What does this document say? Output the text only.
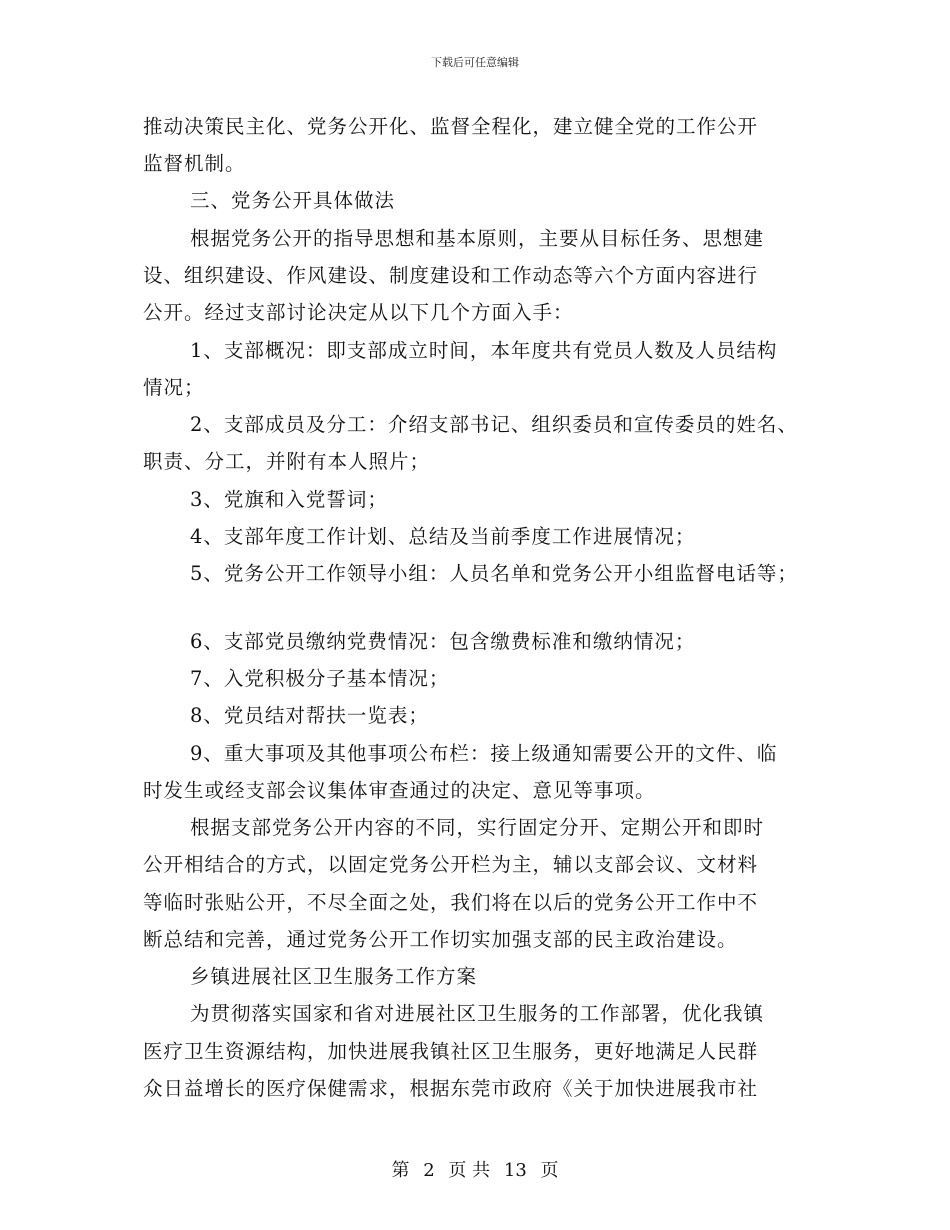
下载后可任意编辑
推动决策民主化、党务公开化、监督全程化，建立健全党的工作公开
监督机制。
三、党务公开具体做法
根据党务公开的指导思想和基本原则，主要从目标任务、思想建
设、组织建设、作风建设、制度建设和工作动态等六个方面内容进行
公开。经过支部讨论决定从以下几个方面入手：
1、支部概况：即支部成立时间，本年度共有党员人数及人员结构
情况；
2、支部成员及分工：介绍支部书记、组织委员和宣传委员的姓名、
职责、分工，并附有本人照片；
3、党旗和入党誓词；
4、支部年度工作计划、总结及当前季度工作进展情况；
5、党务公开工作领导小组：人员名单和党务公开小组监督电话等；
6、支部党员缴纳党费情况：包含缴费标准和缴纳情况；
7、入党积极分子基本情况；
8、党员结对帮扶一览表；
9、重大事项及其他事项公布栏：接上级通知需要公开的文件、临
时发生或经支部会议集体审查通过的决定、意见等事项。
根据支部党务公开内容的不同，实行固定分开、定期公开和即时
公开相结合的方式，以固定党务公开栏为主，辅以支部会议、文材料
等临时张贴公开，不尽全面之处，我们将在以后的党务公开工作中不
断总结和完善，通过党务公开工作切实加强支部的民主政治建设。
乡镇进展社区卫生服务工作方案
为贯彻落实国家和省对进展社区卫生服务的工作部署，优化我镇
医疗卫生资源结构，加快进展我镇社区卫生服务，更好地满足人民群
众日益增长的医疗保健需求，根据东莞市政府《关于加快进展我市社
第 2 页 共 13 页
